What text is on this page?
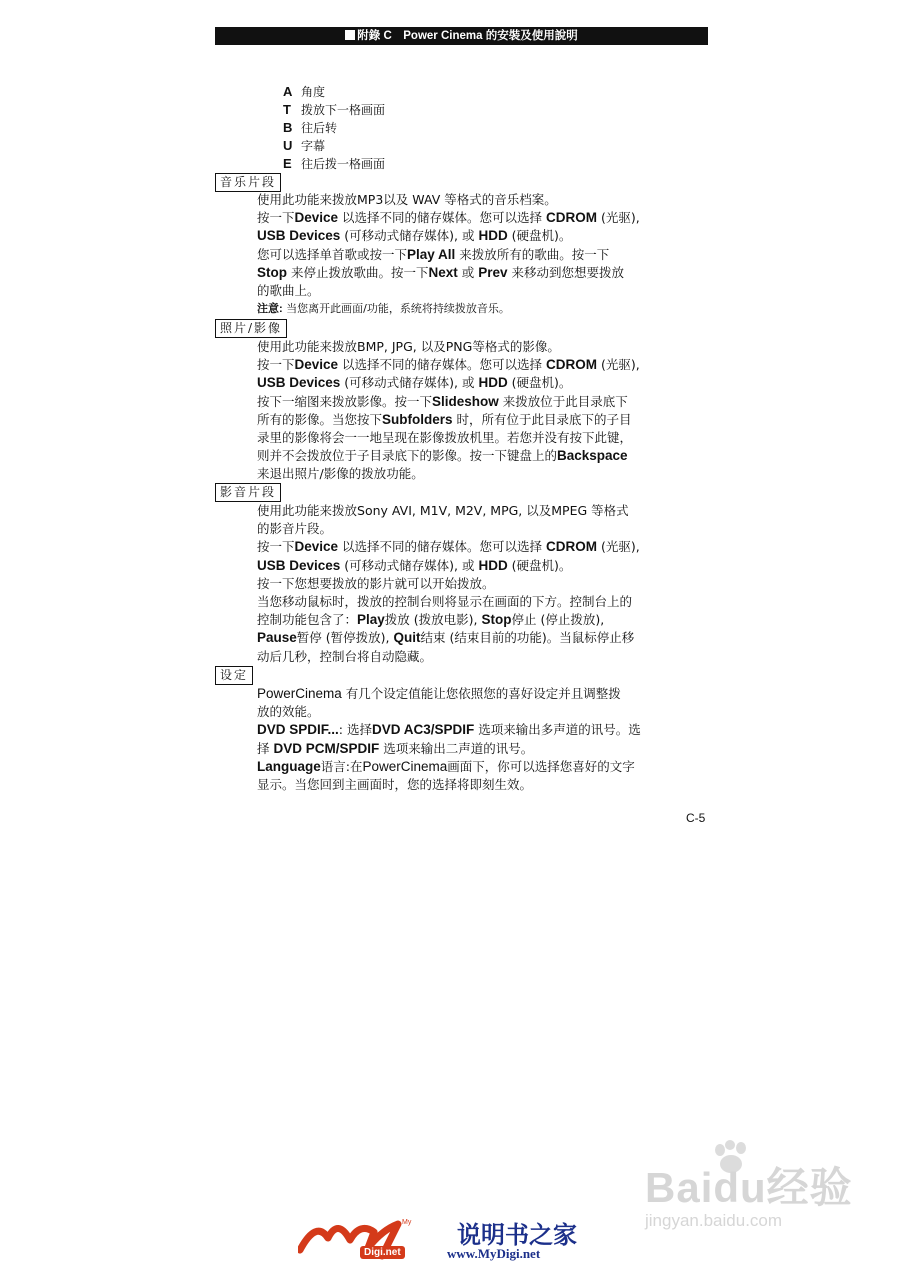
附錄 C　Power Cinema 的安裝及使用說明
A 角度
T 拨放下一格画面
B 往后转
U 字幕
E 往后拨一格画面
音乐片段
使用此功能来拨放MP3以及 WAV 等格式的音乐档案。
按一下Device 以选择不同的储存媒体。您可以选择 CDROM (光驱),
USB Devices (可移动式储存媒体), 或 HDD (硬盘机)。
您可以选择单首歌或按一下Play All 来拨放所有的歌曲。按一下
Stop 来停止拨放歌曲。按一下Next 或 Prev 来移动到您想要拨放
的歌曲上。
注意: 当您离开此画面/功能，系统将持续拨放音乐。
照片/影像
使用此功能来拨放BMP, JPG, 以及PNG等格式的影像。
按一下Device 以选择不同的储存媒体。您可以选择 CDROM (光驱),
USB Devices (可移动式储存媒体), 或 HDD (硬盘机)。
按下一缩图来拨放影像。按一下Slideshow 来拨放位于此目录底下
所有的影像。当您按下Subfolders 时，所有位于此目录底下的子目
录里的影像将会一一地呈现在影像拨放机里。若您并没有按下此键，
则并不会拨放位于子目录底下的影像。按一下键盘上的Backspace
来退出照片/影像的拨放功能。
影音片段
使用此功能来拨放Sony AVI, M1V, M2V, MPG, 以及MPEG 等格式
的影音片段。
按一下Device 以选择不同的储存媒体。您可以选择 CDROM (光驱),
USB Devices (可移动式储存媒体), 或 HDD (硬盘机)。
按一下您想要拨放的影片就可以开始拨放。
当您移动鼠标时，拨放的控制台则将显示在画面的下方。控制台上的
控制功能包含了：Play拨放 (拨放电影), Stop停止 (停止拨放),
Pause暂停 (暂停拨放), Quit结束 (结束目前的功能)。当鼠标停止移
动后几秒，控制台将自动隐藏。
设定
PowerCinema 有几个设定值能让您依照您的喜好设定并且调整拨
放的效能。
DVD SPDIF...: 选择DVD AC3/SPDIF 选项来输出多声道的讯号。选
择 DVD PCM/SPDIF 选项来输出二声道的讯号。
Language语言:在PowerCinema画面下，你可以选择您喜好的文字
显示。当您回到主画面时，您的选择将即刻生效。
C-5
Baidu经验
jingyan.baidu.com
My
Digi.net
说明书之家
www.MyDigi.net
